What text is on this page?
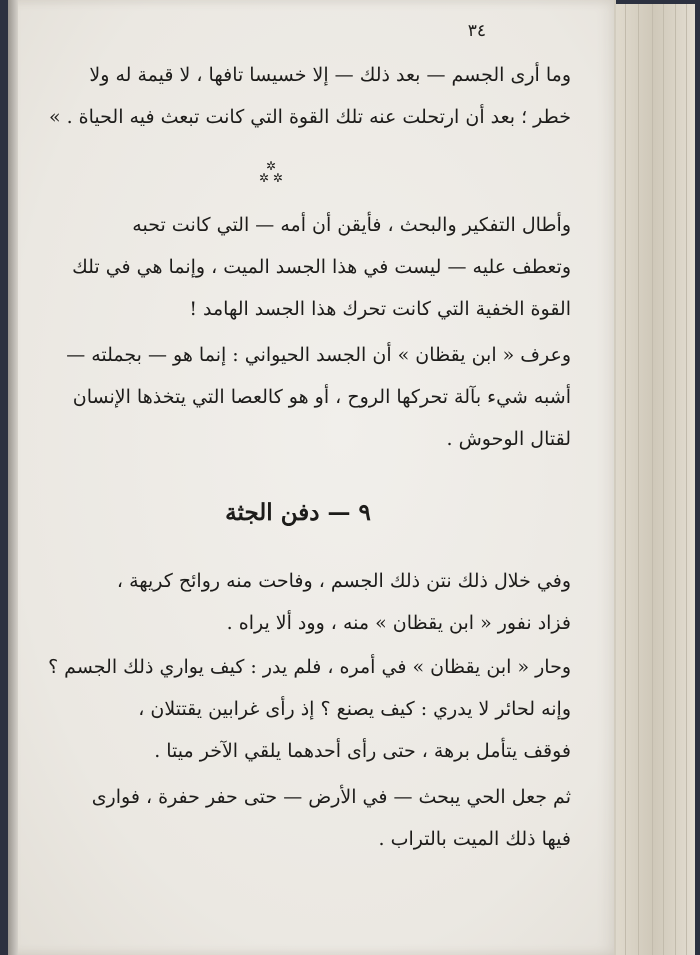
٣٤
وما أرى الجسم — بعد ذلك — إلا خسيسا تافها ، لا قيمة له ولا
خطر ؛ بعد أن ارتحلت عنه تلك القوة التي كانت تبعث فيه الحياة . »
✲
✲ ✲
وأطال التفكير والبحث ، فأيقن أن أمه — التي كانت تحبه
وتعطف عليه — ليست في هذا الجسد الميت ، وإنما هي في تلك
القوة الخفية التي كانت تحرك هذا الجسد الهامد !
وعرف « ابن يقظان » أن الجسد الحيواني : إنما هو — بجملته —
أشبه شيء بآلة تحركها الروح ، أو هو كالعصا التي يتخذها الإنسان
لقتال الوحوش .
٩ — دفن الجثة
وفي خلال ذلك نتن ذلك الجسم ، وفاحت منه روائح كريهة ،
فزاد نفور « ابن يقظان » منه ، وود ألا يراه .
وحار « ابن يقظان » في أمره ، فلم يدر : كيف يواري ذلك الجسم ؟
وإنه لحائر لا يدري : كيف يصنع ؟ إذ رأى غرابين يقتتلان ،
فوقف يتأمل برهة ، حتى رأى أحدهما يلقي الآخر ميتا .
ثم جعل الحي يبحث — في الأرض — حتى حفر حفرة ، فوارى
فيها ذلك الميت بالتراب .
